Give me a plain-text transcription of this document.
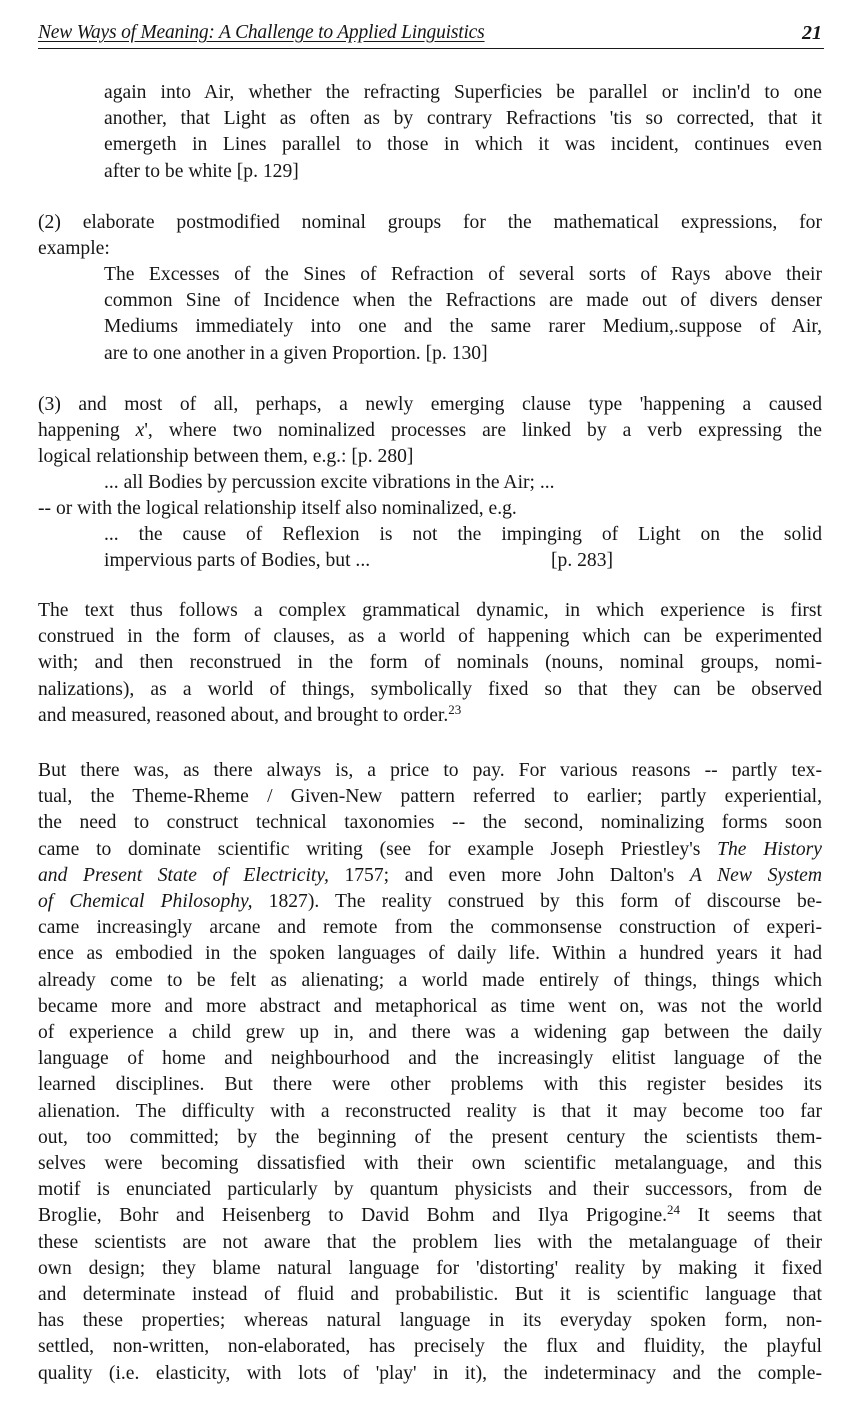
New Ways of Meaning: A Challenge to Applied Linguistics	21
again into Air, whether the refracting Superficies be parallel or inclin'd to one
another, that Light as often as by contrary Refractions 'tis so corrected, that it
emergeth in Lines parallel to those in which it was incident, continues even
after to be white [p. 129]
(2) elaborate postmodified nominal groups for the mathematical expressions, for
example:
The Excesses of the Sines of Refraction of several sorts of Rays above their
common Sine of Incidence when the Refractions are made out of divers denser
Mediums immediately into one and the same rarer Medium,.suppose of Air,
are to one another in a given Proportion. [p. 130]
(3) and most of all, perhaps, a newly emerging clause type 'happening a caused
happening x', where two nominalized processes are linked by a verb expressing the
logical relationship between them, e.g.: [p. 280]
... all Bodies by percussion excite vibrations in the Air; ...
-- or with the logical relationship itself also nominalized, e.g.
... the cause of Reflexion is not the impinging of Light on the solid
impervious parts of Bodies, but ...	[p. 283]
The text thus follows a complex grammatical dynamic, in which experience is first
construed in the form of clauses, as a world of happening which can be experimented
with; and then reconstrued in the form of nominals (nouns, nominal groups, nomi-
nalizations), as a world of things, symbolically fixed so that they can be observed
and measured, reasoned about, and brought to order.$^{23}$
But there was, as there always is, a price to pay. For various reasons -- partly tex-
tual, the Theme-Rheme / Given-New pattern referred to earlier; partly experiential,
the need to construct technical taxonomies -- the second, nominalizing forms soon
came to dominate scientific writing (see for example Joseph Priestley's The History
and Present State of Electricity, 1757; and even more John Dalton's A New System
of Chemical Philosophy, 1827). The reality construed by this form of discourse be-
came increasingly arcane and remote from the commonsense construction of experi-
ence as embodied in the spoken languages of daily life. Within a hundred years it had
already come to be felt as alienating; a world made entirely of things, things which
became more and more abstract and metaphorical as time went on, was not the world
of experience a child grew up in, and there was a widening gap between the daily
language of home and neighbourhood and the increasingly elitist language of the
learned disciplines. But there were other problems with this register besides its
alienation. The difficulty with a reconstructed reality is that it may become too far
out, too committed; by the beginning of the present century the scientists them-
selves were becoming dissatisfied with their own scientific metalanguage, and this
motif is enunciated particularly by quantum physicists and their successors, from de
Broglie, Bohr and Heisenberg to David Bohm and Ilya Prigogine.$^{24}$ It seems that
these scientists are not aware that the problem lies with the metalanguage of their
own design; they blame natural language for 'distorting' reality by making it fixed
and determinate instead of fluid and probabilistic. But it is scientific language that
has these properties; whereas natural language in its everyday spoken form, non-
settled, non-written, non-elaborated, has precisely the flux and fluidity, the playful
quality (i.e. elasticity, with lots of 'play' in it), the indeterminacy and the comple-
